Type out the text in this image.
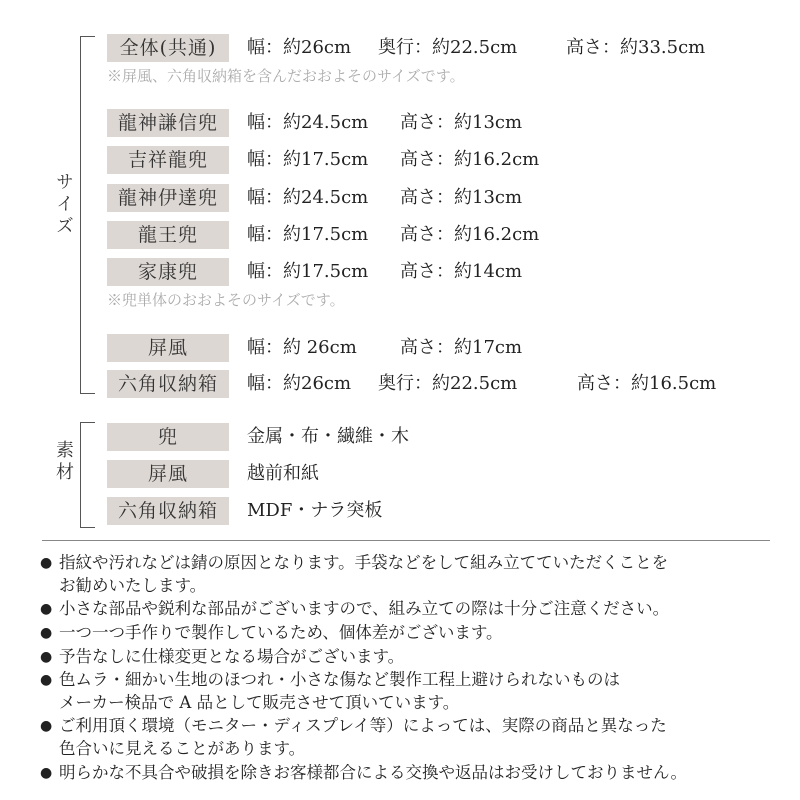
サイズ
全体(共通)	幅：約26cm 奥行：約22.5cm	高さ：約33.5cm
※屏風、六角収納箱を含んだおおよそのサイズです。
龍神謙信兜	幅：約24.5cm 高さ：約13cm
吉祥龍兜	幅：約17.5cm 高さ：約16.2cm
龍神伊達兜	幅：約24.5cm 高さ：約13cm
龍王兜	幅：約17.5cm 高さ：約16.2cm
家康兜	幅：約17.5cm 高さ：約14cm
※兜単体のおおよそのサイズです。
屏風	幅：約 26cm 高さ：約17cm
六角収納箱	幅：約26cm 奥行：約22.5cm	高さ：約16.5cm
素材
兜	金属・布・繊維・木
屏風	越前和紙
六角収納箱	MDF・ナラ突板
● 指紋や汚れなどは錆の原因となります。手袋などをして組み立てていただくことを
お勧めいたします。
● 小さな部品や鋭利な部品がございますので、組み立ての際は十分ご注意ください。
● 一つ一つ手作りで製作しているため、個体差がございます。
● 予告なしに仕様変更となる場合がございます。
● 色ムラ・細かい生地のほつれ・小さな傷など製作工程上避けられないものは
メーカー検品で A 品として販売させて頂いています。
● ご利用頂く環境（モニター・ディスプレイ等）によっては、実際の商品と異なった
色合いに見えることがあります。
● 明らかな不具合や破損を除きお客様都合による交換や返品はお受けしておりません。
